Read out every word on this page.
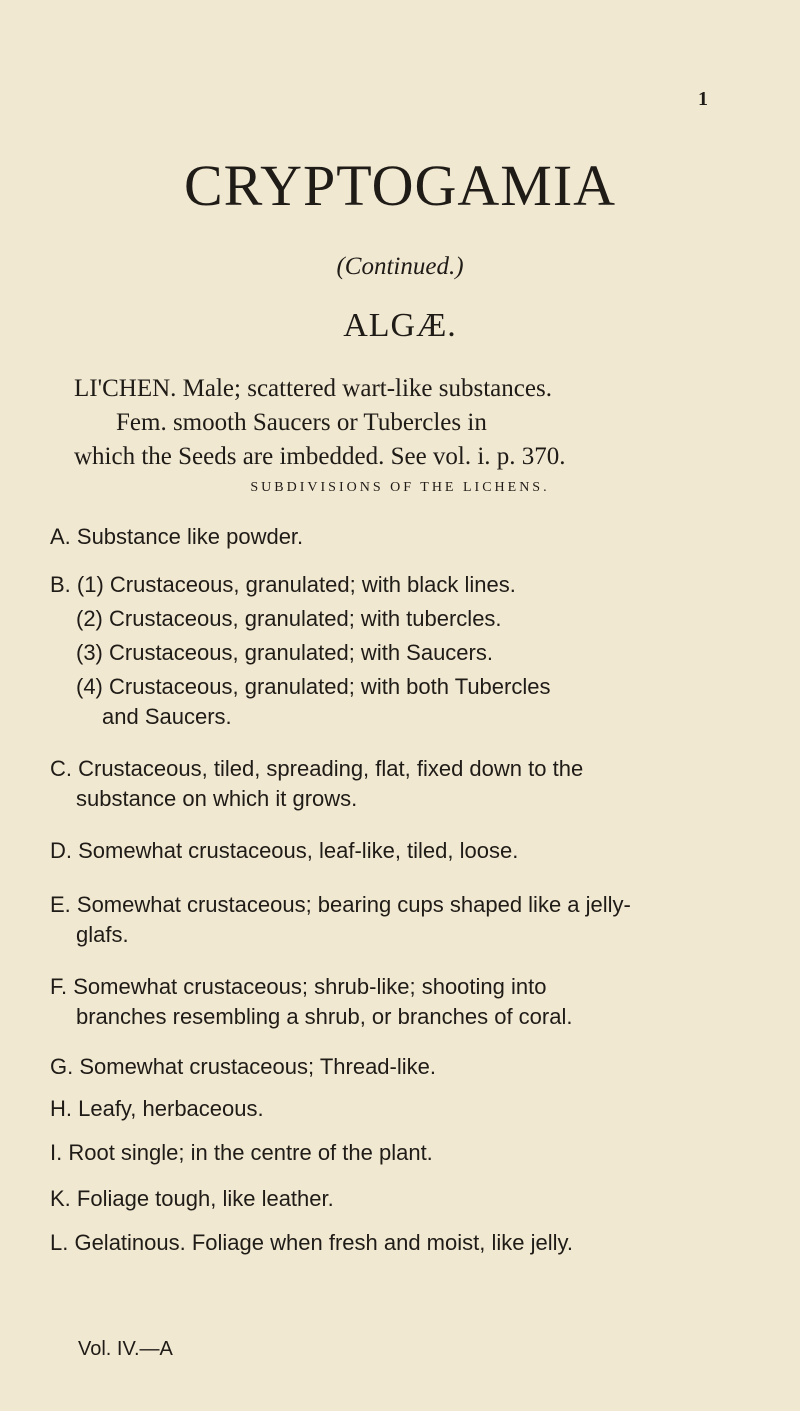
1
CRYPTOGAMIA
(Continued.)
ALGÆ.

LI'CHEN. Male; scattered wart-like substances.

Fem. smooth Saucers or Tubercles in

which the Seeds are imbedded. See vol. i. p. 370.

SUBDIVISIONS OF THE LICHENS.
A. Substance like powder.
B. (1) Crustaceous, granulated; with black lines.
(2) Crustaceous, granulated; with tubercles.
(3) Crustaceous, granulated; with Saucers.
(4) Crustaceous, granulated; with both Tubercles
and Saucers.
C. Crustaceous, tiled, spreading, flat, fixed down to the
substance on which it grows.
D. Somewhat crustaceous, leaf-like, tiled, loose.
E. Somewhat crustaceous; bearing cups shaped like a jelly-
glafs.
F. Somewhat crustaceous; shrub-like; shooting into
branches resembling a shrub, or branches of coral.
G. Somewhat crustaceous; Thread-like.
H. Leafy, herbaceous.
I. Root single; in the centre of the plant.
K. Foliage tough, like leather.
L. Gelatinous. Foliage when fresh and moist, like jelly.
Vol. IV.—A
